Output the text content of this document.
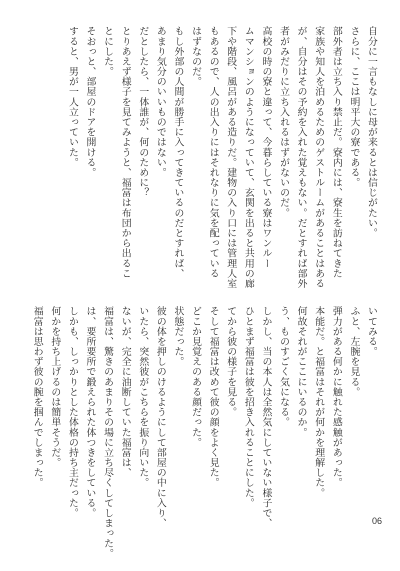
自分に一言もなしに母が来るとは信じがたい。
さらに、ここは明平大の寮である。
部外者は立ち入り禁止だ。寮内には、寮生を訪ねてきた
家族や知人を泊めるためのゲストルームがあることはある
が、自分はその予約を入れた覚えもない。だとすれば部外
者がみだりに立ち入れるはずがないのだ。
高校の時の寮と違って、今暮らしている寮はワンルー
ムマンションのようになっていて、玄関を出ると共用の廊
下や階段、風呂がある造りだ。建物の入り口には管理人室
もあるので、人の出入りにはそれなりに気を配っている
はずなのだ。
もし外部の人間が勝手に入ってきているのだとすれば、
あまり気分のいいものではない。
だとしたら、一体誰が、何のために？
とりあえず様子を見てみようと、福富は布団から出るこ
とにした。
そおっと、部屋のドアを開ける。
すると、男が一人立っていた。
いてみる。
ふと、左腕を見る。
弾力がある何かに触れた感触があった。
本能だ。と福富はそれが何かを理解した。
何故それがここにいるのか。
う、ものすごく気になる。
しかし、当の本人は全然気にしていない様子で、
ひとまず福富は彼を招き入れることにした。
てから彼の様子を見る。
そして福富は改めて彼の顔をよく見た。
どこか見覚えのある顔だった。
状態だった。
彼の体を押しのけるようにして部屋の中に入り、
いたら、突然彼がこちらを振り向いた。
ないが、完全に油断していた福富は、
福富は、驚きのあまりその場に立ち尽くしてしまった。
は、要所要所で鍛えられた体つきをしている。
しかも、しっかりとした体格の持ち主だった。
何かを持ち上げるのは簡単そうだ。
福富は思わず彼の腕を掴んでしまった。
06
